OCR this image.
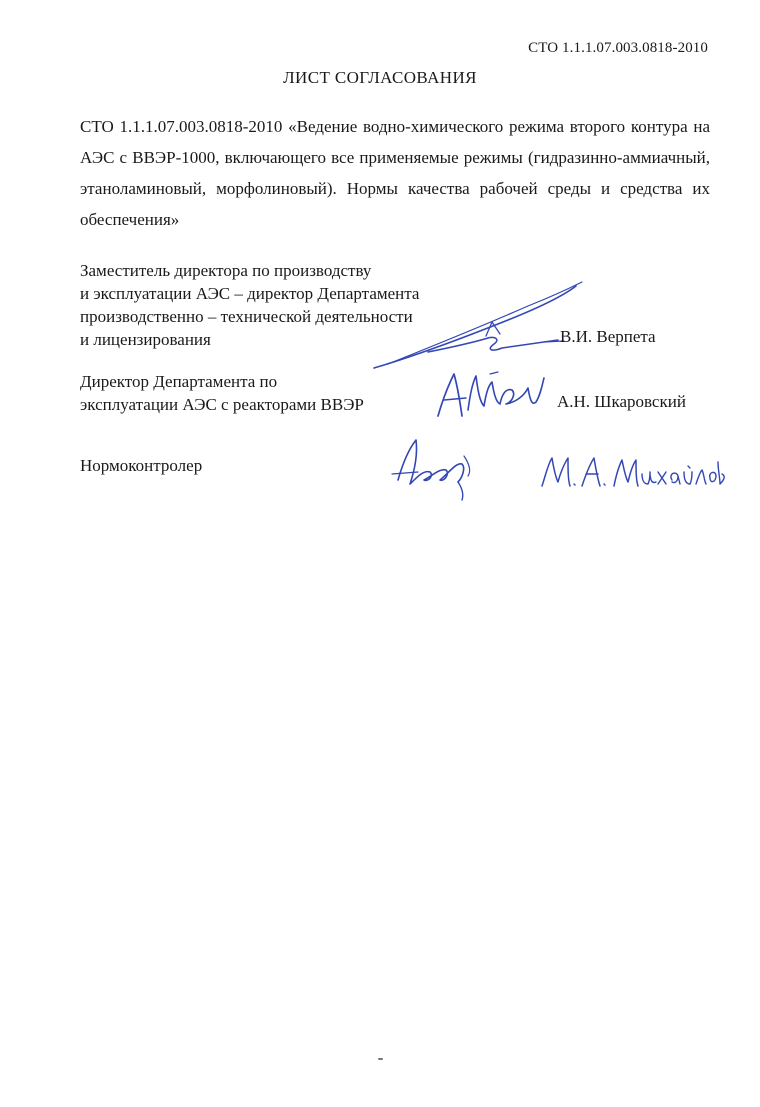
СТО 1.1.1.07.003.0818-2010
ЛИСТ СОГЛАСОВАНИЯ
СТО 1.1.1.07.003.0818-2010 «Ведение водно-химического режима второго контура на АЭС с ВВЭР-1000, включающего все применяемые режимы (гидразинно-аммиачный, этаноламиновый, морфолиновый). Нормы качества рабочей среды и средства их обеспечения»
Заместитель директора по производству
и эксплуатации АЭС – директор Департамента
производственно – технической деятельности
и лицензирования	В.И. Верпета
Директор Департамента по
эксплуатации АЭС с реакторами ВВЭР	А.Н. Шкаровский
Нормоконтролер
